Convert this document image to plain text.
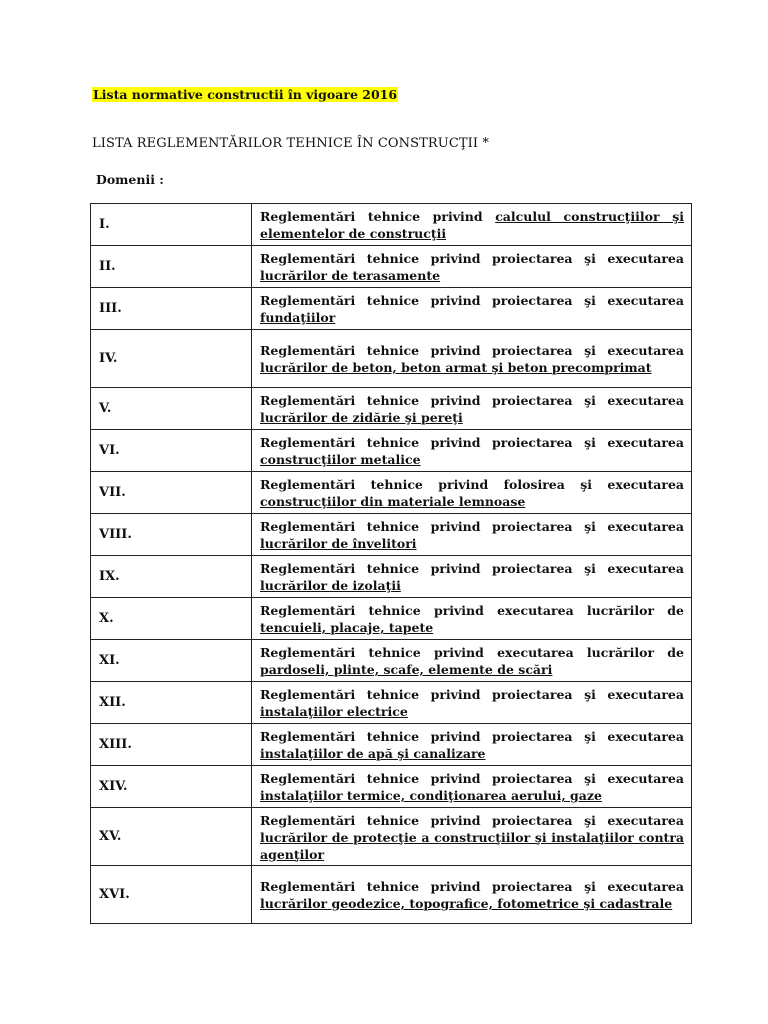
Lista normative constructii în vigoare 2016
LISTA REGLEMENTĂRILOR TEHNICE ÎN CONSTRUCŢII *
Domenii :
I.	Reglementări tehnice privind calculul construcţiilor şi elementelor de construcţii
II.	Reglementări tehnice privind proiectarea şi executarea lucrărilor de terasamente
III.	Reglementări tehnice privind proiectarea şi executarea fundaţiilor
IV.	Reglementări tehnice privind proiectarea şi executarea lucrărilor de beton, beton armat şi beton precomprimat
V.	Reglementări tehnice privind proiectarea şi executarea lucrărilor de zidărie şi pereţi
VI.	Reglementări tehnice privind proiectarea şi executarea construcţiilor metalice
VII.	Reglementări tehnice privind folosirea şi executarea construcţiilor din materiale lemnoase
VIII.	Reglementări tehnice privind proiectarea şi executarea lucrărilor de învelitori
IX.	Reglementări tehnice privind proiectarea şi executarea lucrărilor de izolaţii
X.	Reglementări tehnice privind executarea lucrărilor de tencuieli, placaje, tapete
XI.	Reglementări tehnice privind executarea lucrărilor de pardoseli, plinte, scafe, elemente de scări
XII.	Reglementări tehnice privind proiectarea şi executarea instalaţiilor electrice
XIII.	Reglementări tehnice privind proiectarea şi executarea instalaţiilor de apă şi canalizare
XIV.	Reglementări tehnice privind proiectarea şi executarea instalaţiilor termice, condiţionarea aerului, gaze
XV.	Reglementări tehnice privind proiectarea şi executarea lucrărilor de protecţie a construcţiilor şi instalaţiilor contra agenţilor
XVI.	Reglementări tehnice privind proiectarea şi executarea lucrărilor geodezice, topografice, fotometrice şi cadastrale
